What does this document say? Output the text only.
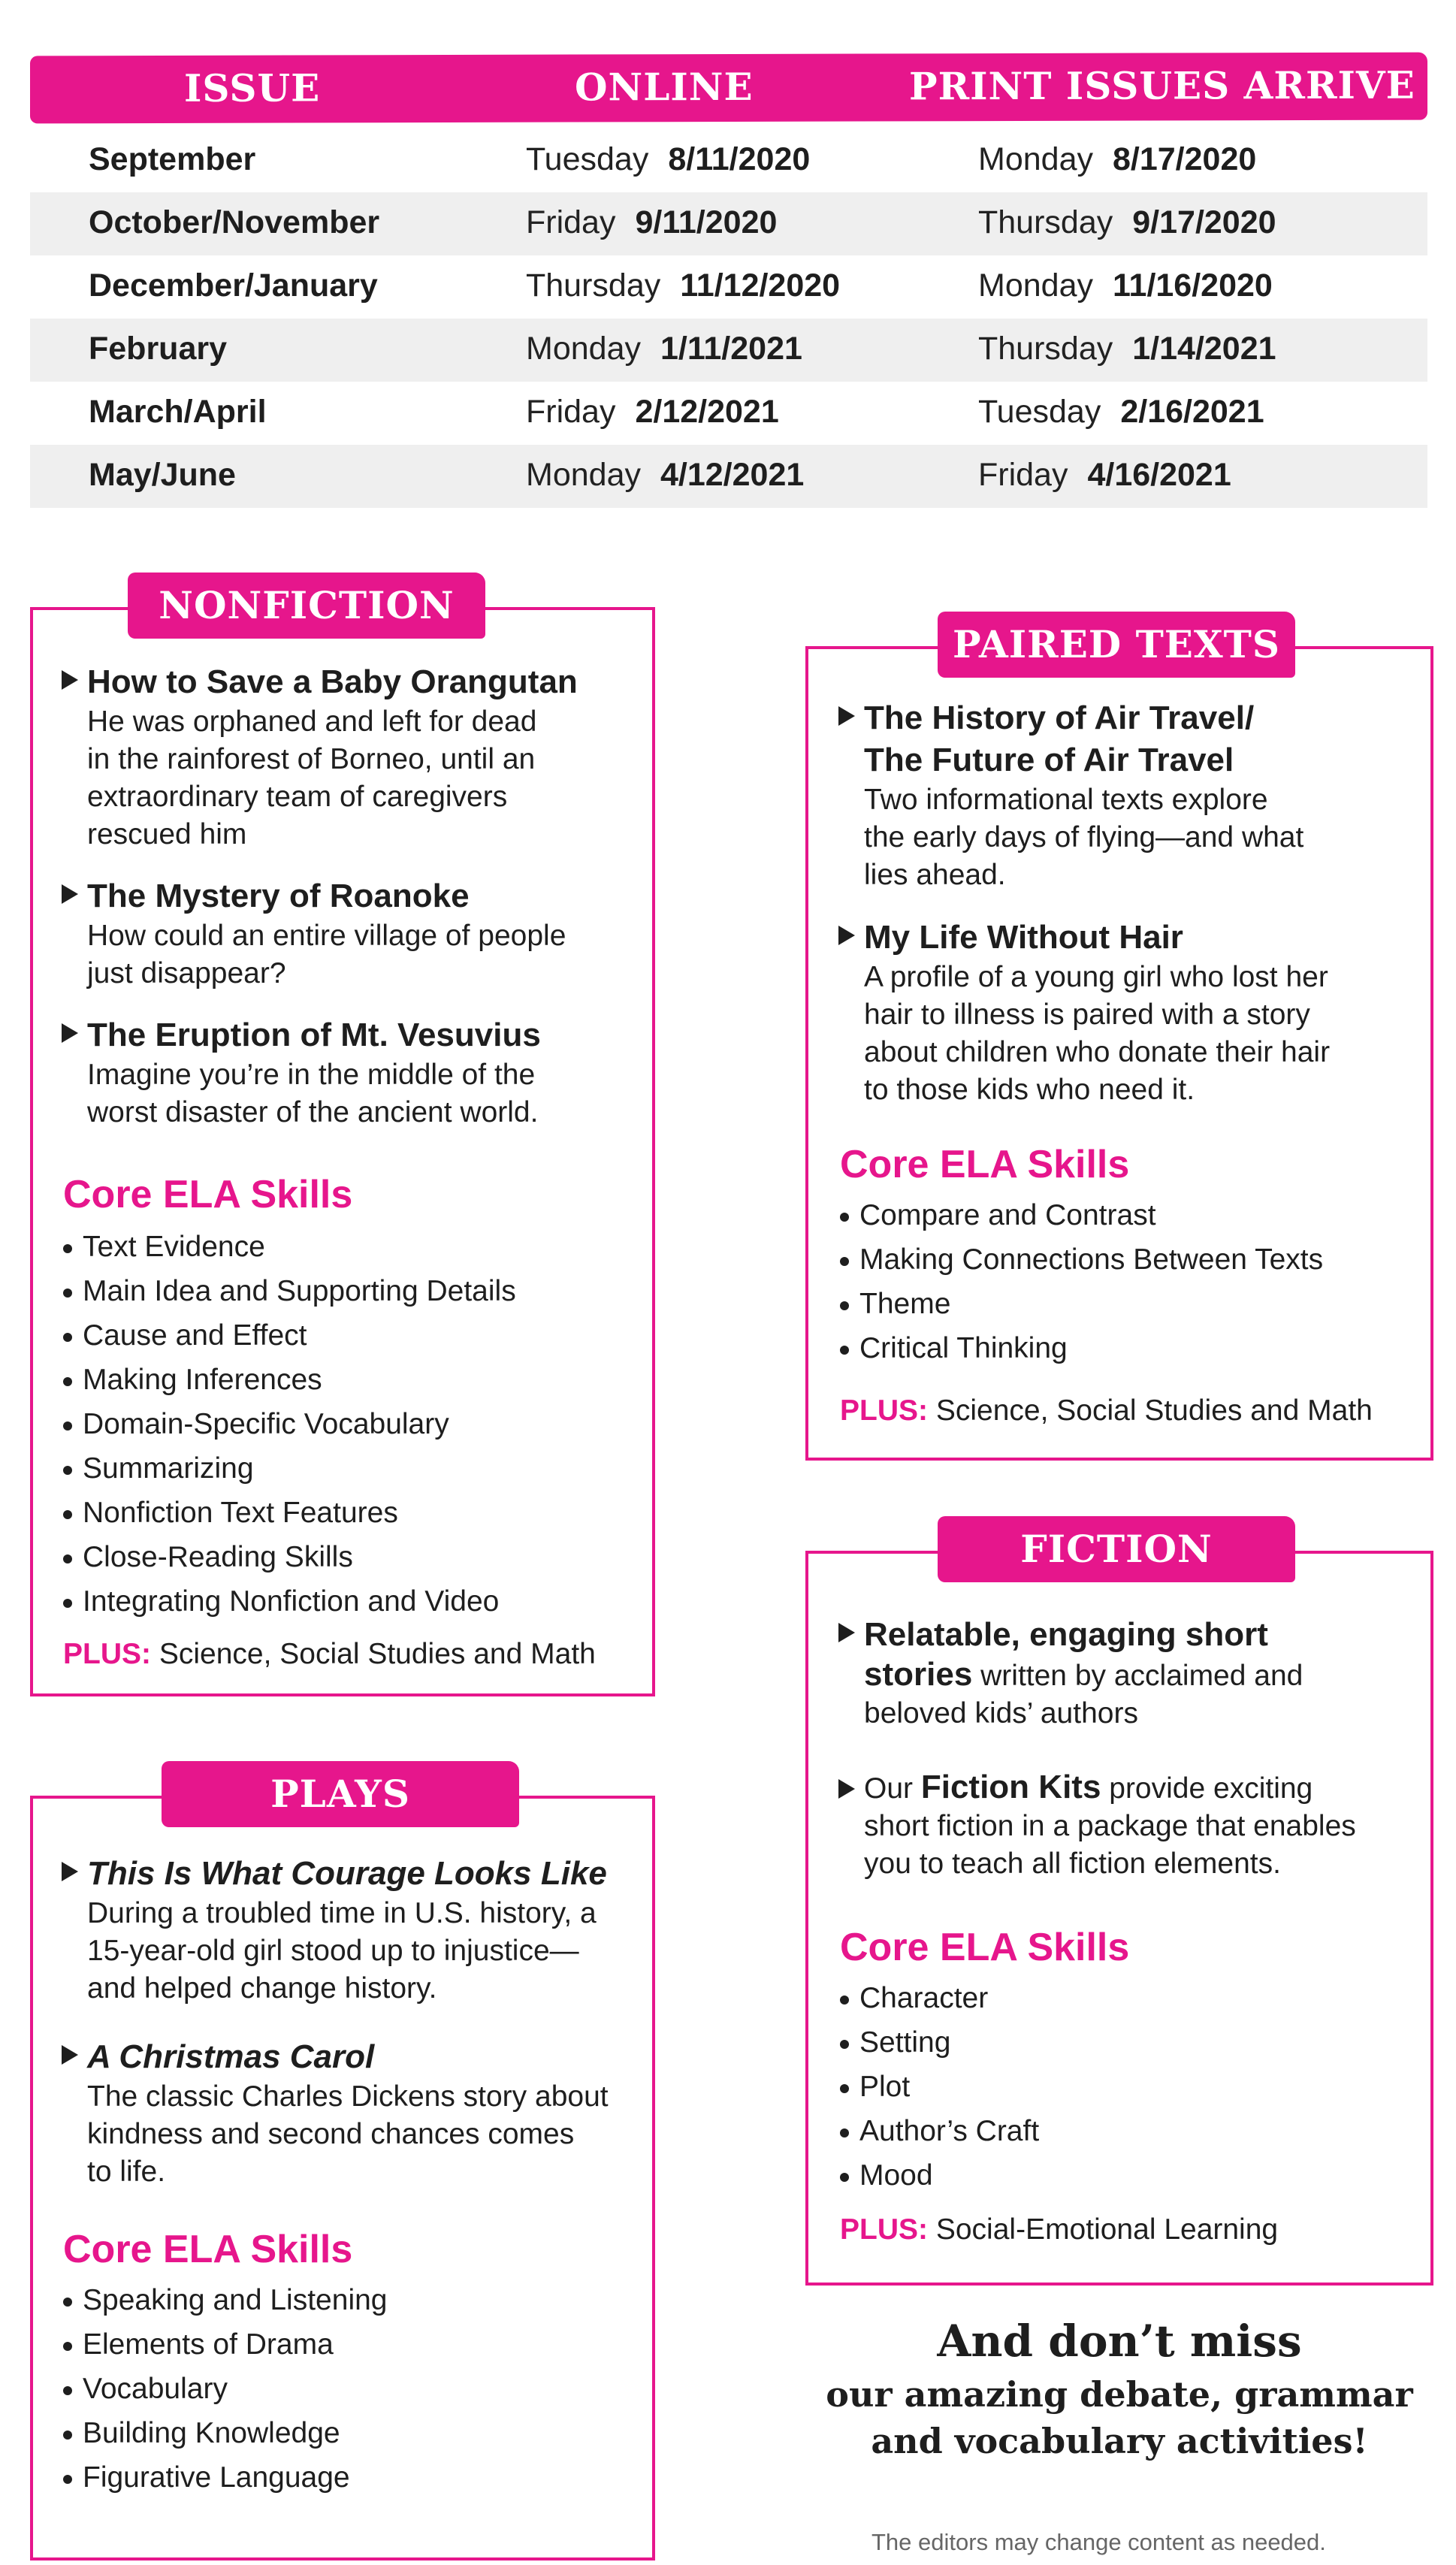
ISSUE	ONLINE	PRINT ISSUES ARRIVE
September	Tuesday 8/11/2020	Monday 8/17/2020
October/November	Friday 9/11/2020	Thursday 9/17/2020
December/January	Thursday 11/12/2020	Monday 11/16/2020
February	Monday 1/11/2021	Thursday 1/14/2021
March/April	Friday 2/12/2021	Tuesday 2/16/2021
May/June	Monday 4/12/2021	Friday 4/16/2021
NONFICTION
How to Save a Baby Orangutan
He was orphaned and left for dead
in the rainforest of Borneo, until an
extraordinary team of caregivers
rescued him
The Mystery of Roanoke
How could an entire village of people
just disappear?
The Eruption of Mt. Vesuvius
Imagine you’re in the middle of the
worst disaster of the ancient world.
Core ELA Skills
Text Evidence
Main Idea and Supporting Details
Cause and Effect
Making Inferences
Domain-Specific Vocabulary
Summarizing
Nonfiction Text Features
Close-Reading Skills
Integrating Nonfiction and Video
PLUS: Science, Social Studies and Math
PLAYS
This Is What Courage Looks Like
During a troubled time in U.S. history, a
15-year-old girl stood up to injustice—
and helped change history.
A Christmas Carol
The classic Charles Dickens story about
kindness and second chances comes
to life.
Core ELA Skills
Speaking and Listening
Elements of Drama
Vocabulary
Building Knowledge
Figurative Language
PAIRED TEXTS
The History of Air Travel/
The Future of Air Travel
Two informational texts explore
the early days of flying—and what
lies ahead.
My Life Without Hair
A profile of a young girl who lost her
hair to illness is paired with a story
about children who donate their hair
to those kids who need it.
Core ELA Skills
Compare and Contrast
Making Connections Between Texts
Theme
Critical Thinking
PLUS: Science, Social Studies and Math
FICTION
Relatable, engaging short
stories written by acclaimed and
beloved kids’ authors
Our Fiction Kits provide exciting
short fiction in a package that enables
you to teach all fiction elements.
Core ELA Skills
Character
Setting
Plot
Author’s Craft
Mood
PLUS: Social-Emotional Learning
And don’t miss
our amazing debate, grammar
and vocabulary activities!
The editors may change content as needed.
